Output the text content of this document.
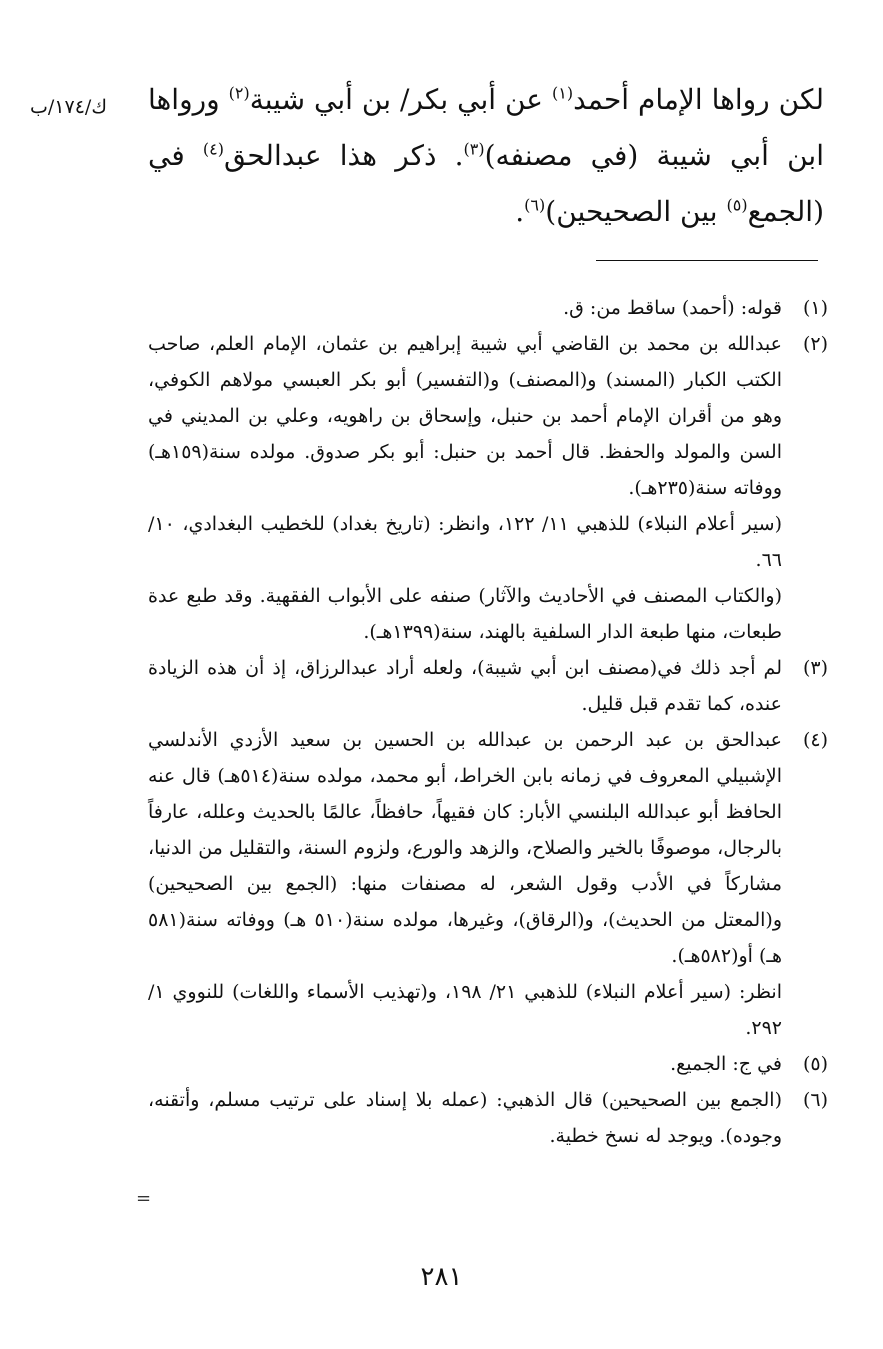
ك/١٧٤/ب	لكن رواها الإمام أحمد$^{(١)}$ عن أبي بكر/ بن أبي شيبة$^{(٢)}$ ورواها ابن أبي شيبة (في مصنفه)$^{(٣)}$. ذكر هذا عبدالحق$^{(٤)}$ في (الجمع$^{(٥)}$ بين الصحيحين)$^{(٦)}$.
(١)

قوله: (أحمد) ساقط من: ق.

(٢)

عبدالله بن محمد بن القاضي أبي شيبة إبراهيم بن عثمان، الإمام العلم، صاحب الكتب الكبار (المسند) و(المصنف) و(التفسير) أبو بكر العبسي مولاهم الكوفي، وهو من أقران الإمام أحمد بن حنبل، وإسحاق بن راهويه، وعلي بن المديني في السن والمولد والحفظ. قال أحمد بن حنبل: أبو بكر صدوق. مولده سنة(١٥٩هـ) ووفاته سنة(٢٣٥هـ).

(سير أعلام النبلاء) للذهبي ١١/ ١٢٢، وانظر: (تاريخ بغداد) للخطيب البغدادي، ١٠/ ٦٦.

(والكتاب المصنف في الأحاديث والآثار) صنفه على الأبواب الفقهية. وقد طبع عدة طبعات، منها طبعة الدار السلفية بالهند، سنة(١٣٩٩هـ).

(٣)

لم أجد ذلك في(مصنف ابن أبي شيبة)، ولعله أراد عبدالرزاق، إذ أن هذه الزيادة عنده، كما تقدم قبل قليل.

(٤)

عبدالحق بن عبد الرحمن بن عبدالله بن الحسين بن سعيد الأزدي الأندلسي الإشبيلي المعروف في زمانه بابن الخراط، أبو محمد، مولده سنة(٥١٤هـ) قال عنه الحافظ أبو عبدالله البلنسي الأبار: كان فقيهاً، حافظاً، عالمًا بالحديث وعلله، عارفاً بالرجال، موصوفًا بالخير والصلاح، والزهد والورع، ولزوم السنة، والتقليل من الدنيا، مشاركاً في الأدب وقول الشعر، له مصنفات منها: (الجمع بين الصحيحين) و(المعتل من الحديث)، و(الرقاق)، وغيرها، مولده سنة(٥١٠ هـ) ووفاته سنة(٥٨١ هـ) أو(٥٨٢هـ).

انظر: (سير أعلام النبلاء) للذهبي ٢١/ ١٩٨، و(تهذيب الأسماء واللغات) للنووي ١/ ٢٩٢.

(٥)

في ج: الجميع.

(٦)

(الجمع بين الصحيحين) قال الذهبي: (عمله بلا إسناد على ترتيب مسلم، وأتقنه، وجوده). ويوجد له نسخ خطية.

=
٢٨١
